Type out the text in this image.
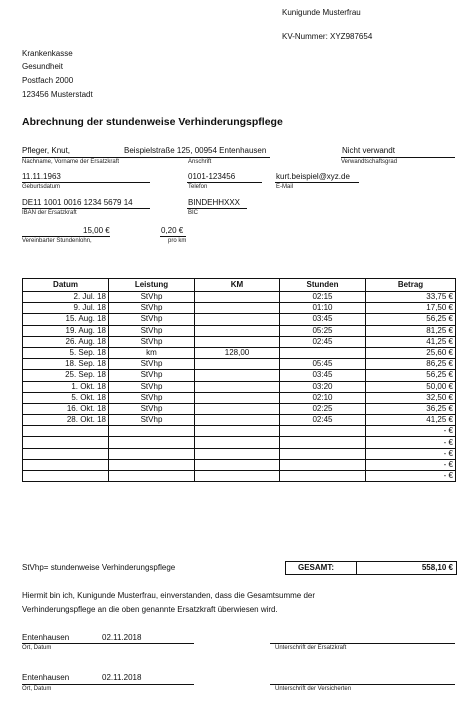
Kunigunde Musterfrau
KV-Nummer: XYZ987654
Krankenkasse
Gesundheit
Postfach 2000
123456 Musterstadt
Abrechnung der stundenweise Verhinderungspflege
Pfleger, Knut,	Beispielstraße 125, 00954 Entenhausen	Nicht verwandt
Nachname, Vorname der Ersatzkraft	Anschrift	Verwandtschaftsgrad
11.11.1963	0101-123456	kurt.beispiel@xyz.de
Geburtsdatum	Telefon	E-Mail
DE11 1001 0016 1234 5679 14	BINDEHHXXX
IBAN der Ersatzkraft	BIC
15,00 €	0,20 €
Vereinbarter Stundenlohn,	pro km
Datum	Leistung	KM	Stunden	Betrag
2. Jul. 18	StVhp		02:15	33,75 €
9. Jul. 18	StVhp		01:10	17,50 €
15. Aug. 18	StVhp		03:45	56,25 €
19. Aug. 18	StVhp		05:25	81,25 €
26. Aug. 18	StVhp		02:45	41,25 €
5. Sep. 18	km	128,00		25,60 €
18. Sep. 18	StVhp		05:45	86,25 €
25. Sep. 18	StVhp		03:45	56,25 €
1. Okt. 18	StVhp		03:20	50,00 €
5. Okt. 18	StVhp		02:10	32,50 €
16. Okt. 18	StVhp		02:25	36,25 €
28. Okt. 18	StVhp		02:45	41,25 €
				- €
				- €
				- €
				- €
				- €
StVhp= stundenweise Verhinderungspflege	GESAMT:	558,10 €
Hiermit bin ich, Kunigunde Musterfrau, einverstanden, dass die Gesamtsumme der
Verhinderungspflege an die oben genannte Ersatzkraft überwiesen wird.
Entenhausen	02.11.2018
Ort, Datum	Unterschrift der Ersatzkraft
Entenhausen	02.11.2018
Ort, Datum	Unterschrift der Versicherten
